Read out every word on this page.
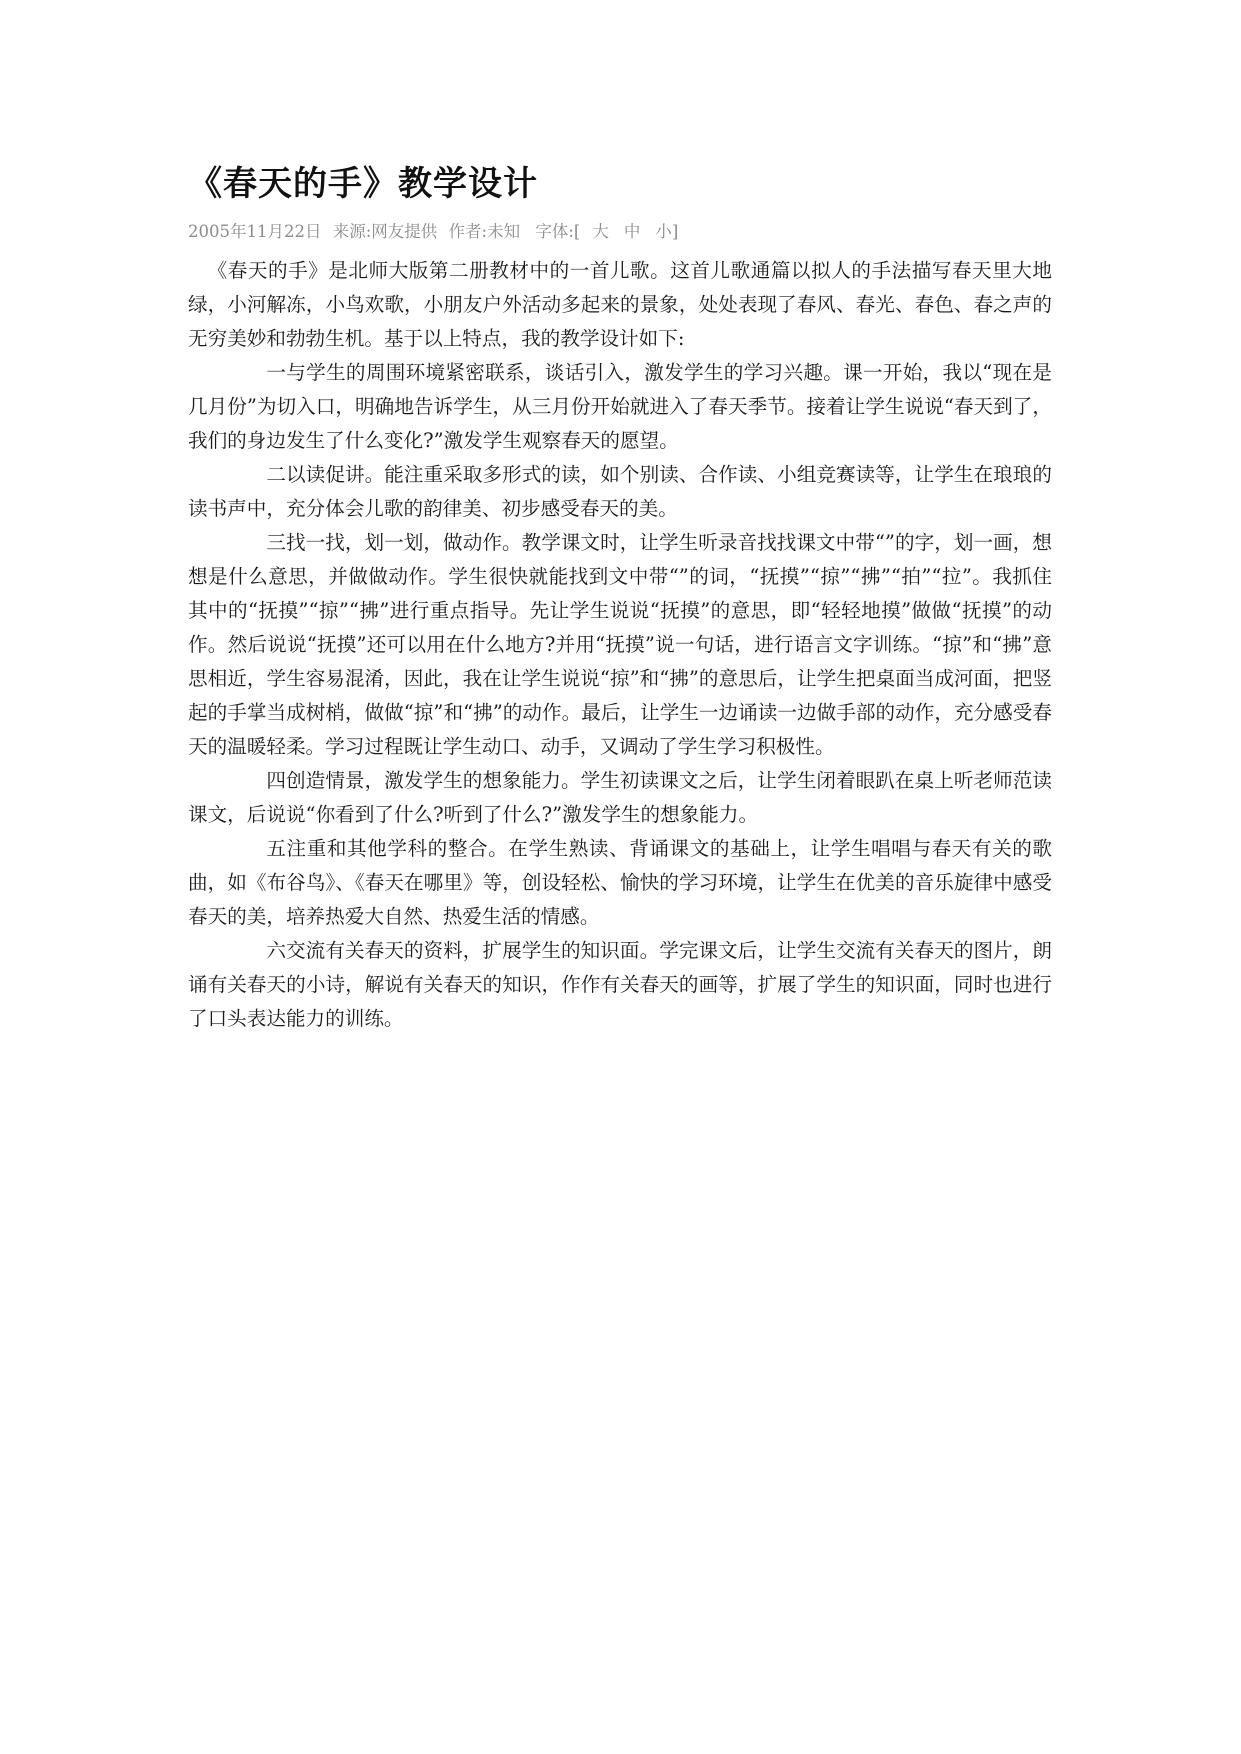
《春天的手》教学设计
2005年11月22日 来源:网友提供 作者:未知 字体:[ 大 中 小]

《春天的手》是北师大版第二册教材中的一首儿歌。这首儿歌通篇以拟人的手法描写春天里大地绿，小河解冻，小鸟欢歌，小朋友户外活动多起来的景象，处处表现了春风、春光、春色、春之声的无穷美妙和勃勃生机。基于以上特点，我的教学设计如下:

一与学生的周围环境紧密联系，谈话引入，激发学生的学习兴趣。课一开始，我以“现在是几月份”为切入口，明确地告诉学生，从三月份开始就进入了春天季节。接着让学生说说“春天到了，我们的身边发生了什么变化?”激发学生观察春天的愿望。

二以读促讲。能注重采取多形式的读，如个别读、合作读、小组竞赛读等，让学生在琅琅的读书声中，充分体会儿歌的韵律美、初步感受春天的美。

三找一找，划一划，做动作。教学课文时，让学生听录音找找课文中带“”的字，划一画，想想是什么意思，并做做动作。学生很快就能找到文中带“”的词，“抚摸”“掠”“拂”“拍”“拉”。我抓住其中的“抚摸”“掠”“拂”进行重点指导。先让学生说说“抚摸”的意思，即“轻轻地摸”做做“抚摸”的动作。然后说说“抚摸”还可以用在什么地方?并用“抚摸”说一句话，进行语言文字训练。“掠”和“拂”意思相近，学生容易混淆，因此，我在让学生说说“掠”和“拂”的意思后，让学生把桌面当成河面，把竖起的手掌当成树梢，做做“掠”和“拂”的动作。最后，让学生一边诵读一边做手部的动作，充分感受春天的温暖轻柔。学习过程既让学生动口、动手，又调动了学生学习积极性。

四创造情景，激发学生的想象能力。学生初读课文之后，让学生闭着眼趴在桌上听老师范读课文，后说说“你看到了什么?听到了什么?”激发学生的想象能力。

五注重和其他学科的整合。在学生熟读、背诵课文的基础上，让学生唱唱与春天有关的歌曲，如《布谷鸟》、《春天在哪里》等，创设轻松、愉快的学习环境，让学生在优美的音乐旋律中感受春天的美，培养热爱大自然、热爱生活的情感。

六交流有关春天的资料，扩展学生的知识面。学完课文后，让学生交流有关春天的图片，朗诵有关春天的小诗，解说有关春天的知识，作作有关春天的画等，扩展了学生的知识面，同时也进行了口头表达能力的训练。
